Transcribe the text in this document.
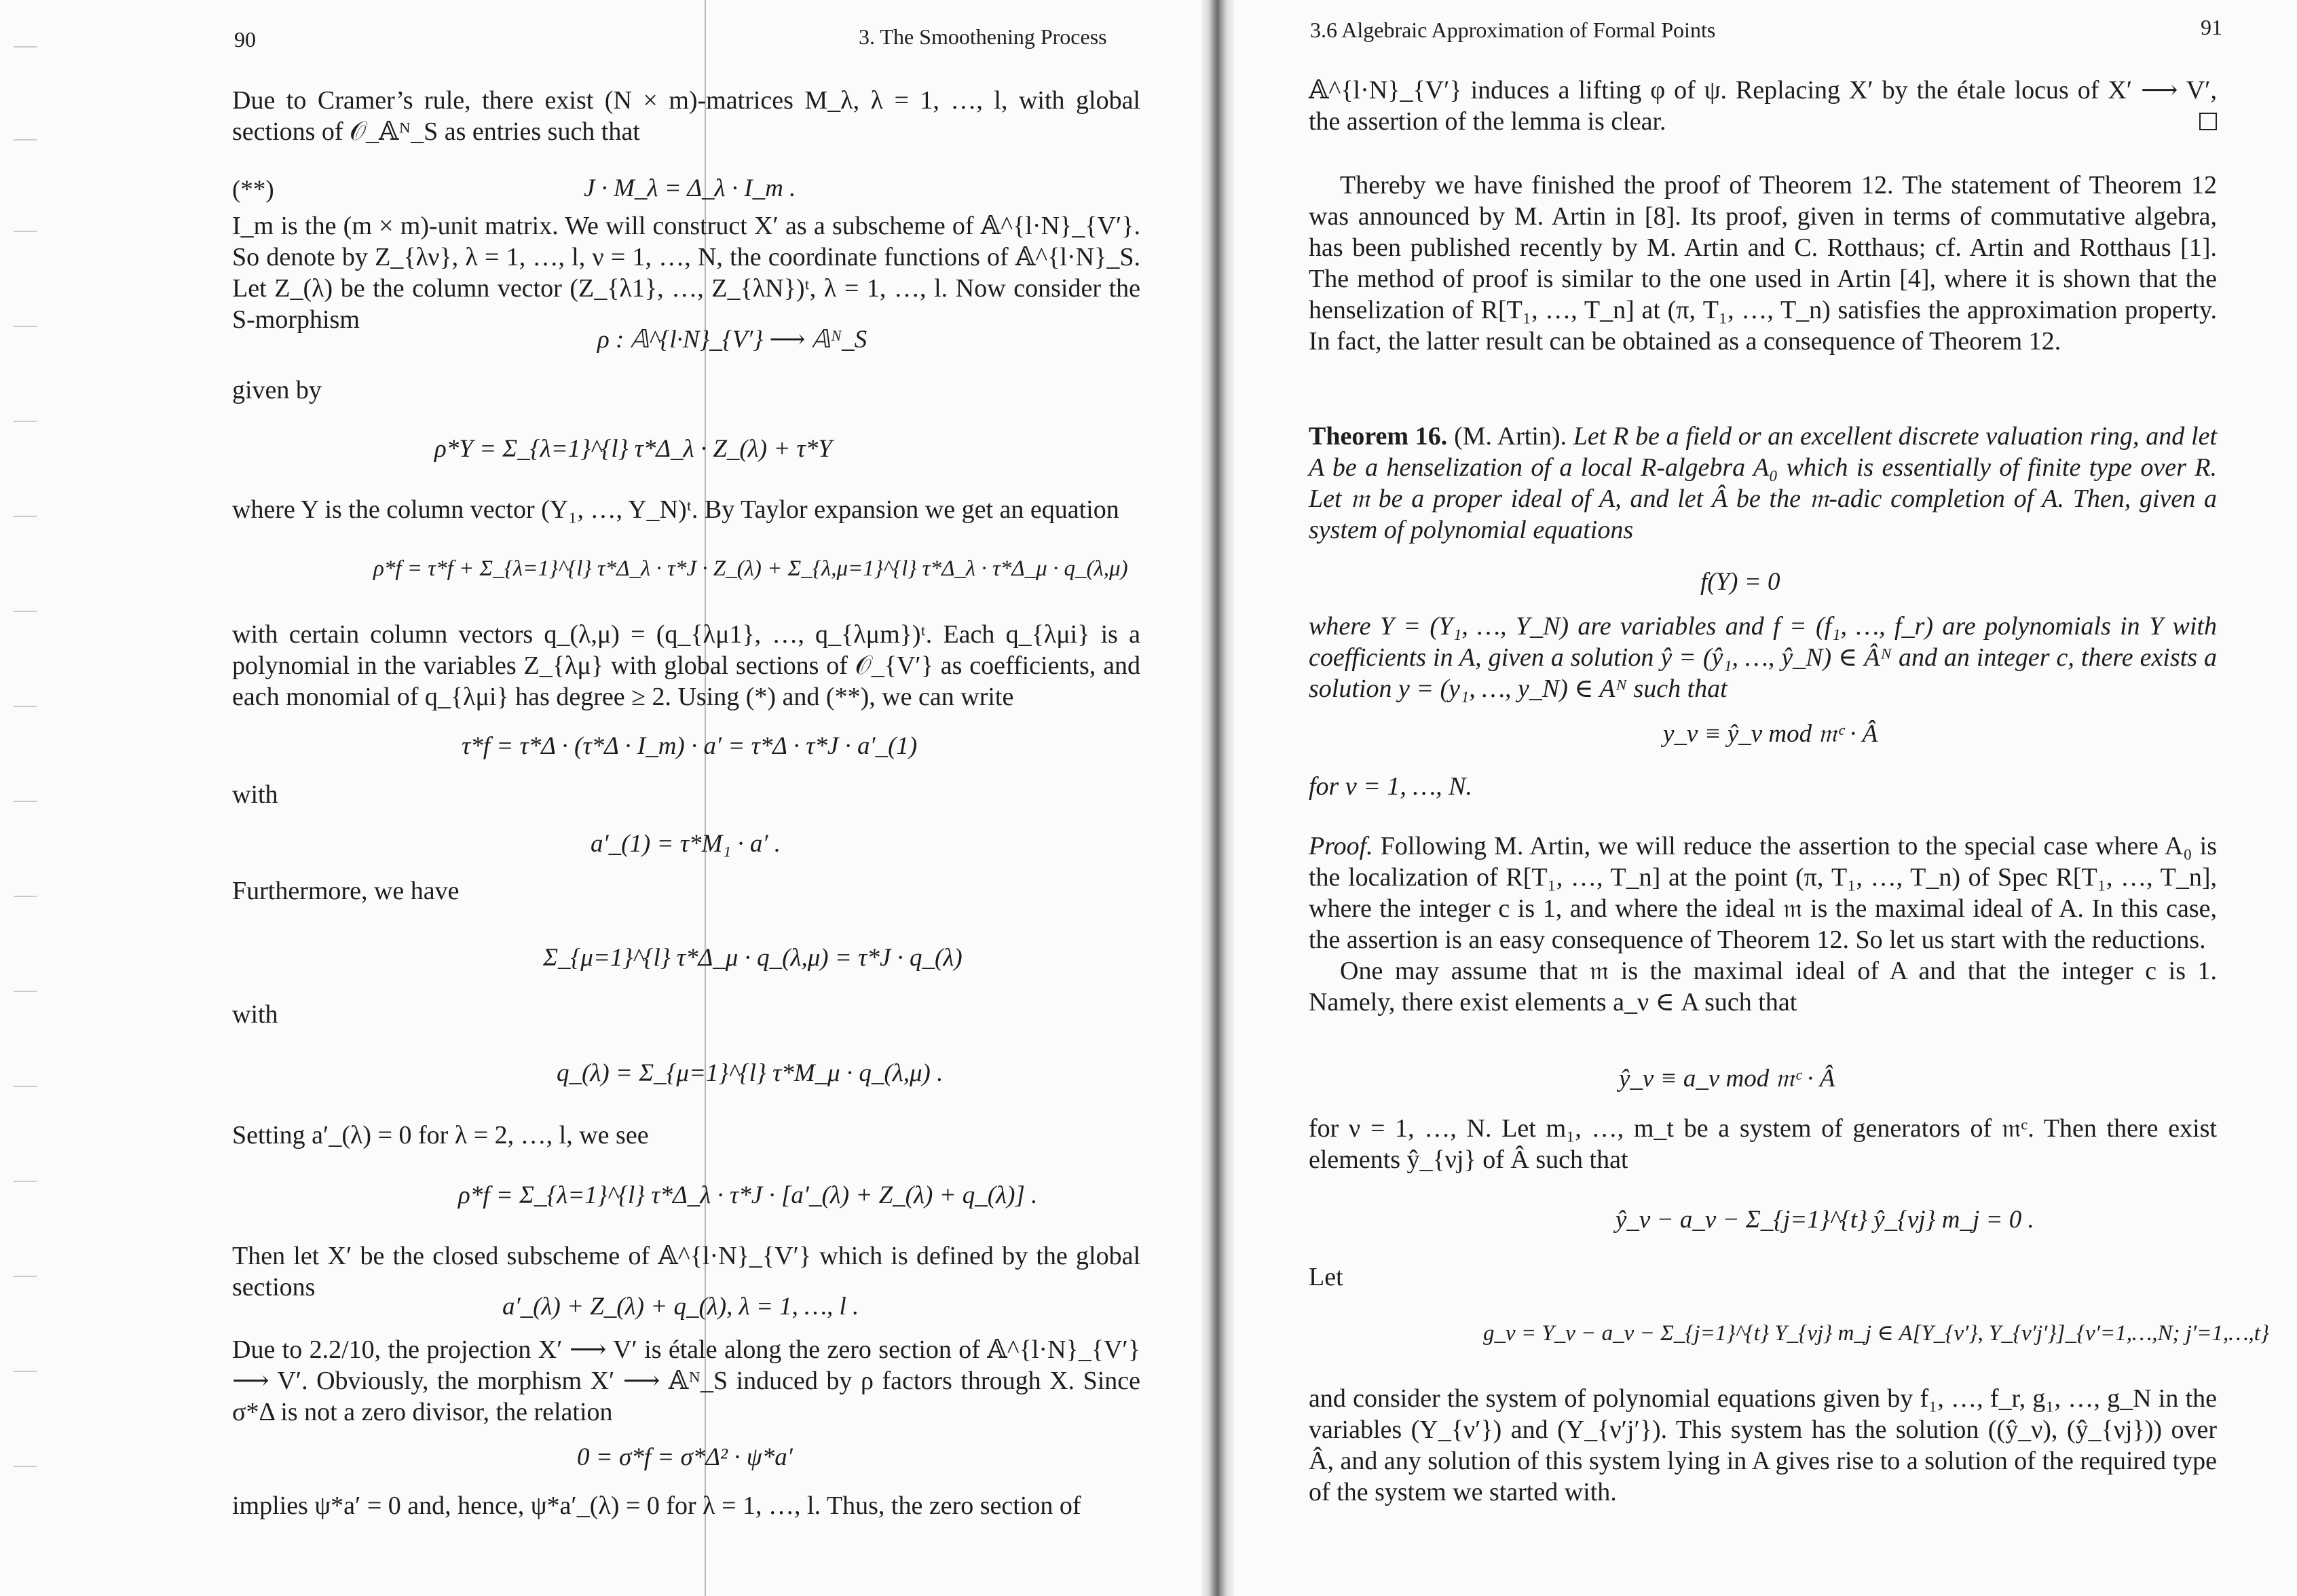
90	3. The Smoothening Process
Due to Cramer’s rule, there exist (N × m)-matrices M_λ, λ = 1, …, l, with global sections of 𝒪_𝔸ᴺ_S as entries such that
(**)	J · M_λ = Δ_λ · I_m .
I_m is the (m × m)-unit matrix. We will construct X′ as a subscheme of 𝔸^{l·N}_{V′}. So denote by Z_{λν}, λ = 1, …, l, ν = 1, …, N, the coordinate functions of 𝔸^{l·N}_S. Let Z_(λ) be the column vector (Z_{λ1}, …, Z_{λN})ᵗ, λ = 1, …, l. Now consider the S-morphism
ρ : 𝔸^{l·N}_{V′} ⟶ 𝔸ᴺ_S
given by
ρ*Y = Σ_{λ=1}^{l} τ*Δ_λ · Z_(λ) + τ*Y
where Y is the column vector (Y₁, …, Y_N)ᵗ. By Taylor expansion we get an equation
ρ*f = τ*f + Σ_{λ=1}^{l} τ*Δ_λ · τ*J · Z_(λ) + Σ_{λ,μ=1}^{l} τ*Δ_λ · τ*Δ_μ · q_(λ,μ)
with certain column vectors q_(λ,μ) = (q_{λμ1}, …, q_{λμm})ᵗ. Each q_{λμi} is a polynomial in the variables Z_{λμ} with global sections of 𝒪_{V′} as coefficients, and each monomial of q_{λμi} has degree ≥ 2. Using (*) and (**), we can write
τ*f = τ*Δ · (τ*Δ · I_m) · a′ = τ*Δ · τ*J · a′_(1)
with
a′_(1) = τ*M₁ · a′ .
Furthermore, we have
Σ_{μ=1}^{l} τ*Δ_μ · q_(λ,μ) = τ*J · q_(λ)
with
q_(λ) = Σ_{μ=1}^{l} τ*M_μ · q_(λ,μ) .
Setting a′_(λ) = 0 for λ = 2, …, l, we see
ρ*f = Σ_{λ=1}^{l} τ*Δ_λ · τ*J · [a′_(λ) + Z_(λ) + q_(λ)] .
Then let X′ be the closed subscheme of 𝔸^{l·N}_{V′} which is defined by the global sections
a′_(λ) + Z_(λ) + q_(λ), λ = 1, …, l .
Due to 2.2/10, the projection X′ ⟶ V′ is étale along the zero section of 𝔸^{l·N}_{V′} ⟶ V′. Obviously, the morphism X′ ⟶ 𝔸ᴺ_S induced by ρ factors through X. Since σ*Δ is not a zero divisor, the relation
0 = σ*f = σ*Δ² · ψ*a′
implies ψ*a′ = 0 and, hence, ψ*a′_(λ) = 0 for λ = 1, …, l. Thus, the zero section of
3.6 Algebraic Approximation of Formal Points	91
𝔸^{l·N}_{V′} induces a lifting φ of ψ. Replacing X′ by the étale locus of X′ ⟶ V′, the assertion of the lemma is clear.

Thereby we have finished the proof of Theorem 12. The statement of Theorem 12 was announced by M. Artin in [8]. Its proof, given in terms of commutative algebra, has been published recently by M. Artin and C. Rotthaus; cf. Artin and Rotthaus [1]. The method of proof is similar to the one used in Artin [4], where it is shown that the henselization of R[T₁, …, T_n] at (π, T₁, …, T_n) satisfies the approximation property. In fact, the latter result can be obtained as a consequence of Theorem 12.

Theorem 16. (M. Artin). Let R be a field or an excellent discrete valuation ring, and let A be a henselization of a local R-algebra A₀ which is essentially of finite type over R. Let 𝔪 be a proper ideal of A, and let Â be the 𝔪-adic completion of A. Then, given a system of polynomial equations

f(Y) = 0
where Y = (Y₁, …, Y_N) are variables and f = (f₁, …, f_r) are polynomials in Y with coefficients in A, given a solution ŷ = (ŷ₁, …, ŷ_N) ∈ Âᴺ and an integer c, there exists a solution y = (y₁, …, y_N) ∈ Aᴺ such that
y_ν ≡ ŷ_ν mod 𝔪ᶜ · Â
for ν = 1, …, N.

Proof. Following M. Artin, we will reduce the assertion to the special case where A₀ is the localization of R[T₁, …, T_n] at the point (π, T₁, …, T_n) of Spec R[T₁, …, T_n], where the integer c is 1, and where the ideal 𝔪 is the maximal ideal of A. In this case, the assertion is an easy consequence of Theorem 12. So let us start with the reductions.

One may assume that 𝔪 is the maximal ideal of A and that the integer c is 1. Namely, there exist elements a_ν ∈ A such that

ŷ_ν ≡ a_ν mod 𝔪ᶜ · Â
for ν = 1, …, N. Let m₁, …, m_t be a system of generators of 𝔪ᶜ. Then there exist elements ŷ_{νj} of Â such that
ŷ_ν − a_ν − Σ_{j=1}^{t} ŷ_{νj} m_j = 0 .
Let
g_ν = Y_ν − a_ν − Σ_{j=1}^{t} Y_{νj} m_j ∈ A[Y_{ν′}, Y_{ν′j′}]_{ν′=1,…,N; j′=1,…,t}
and consider the system of polynomial equations given by f₁, …, f_r, g₁, …, g_N in the variables (Y_{ν′}) and (Y_{ν′j′}). This system has the solution ((ŷ_ν), (ŷ_{νj})) over Â, and any solution of this system lying in A gives rise to a solution of the required type of the system we started with.
